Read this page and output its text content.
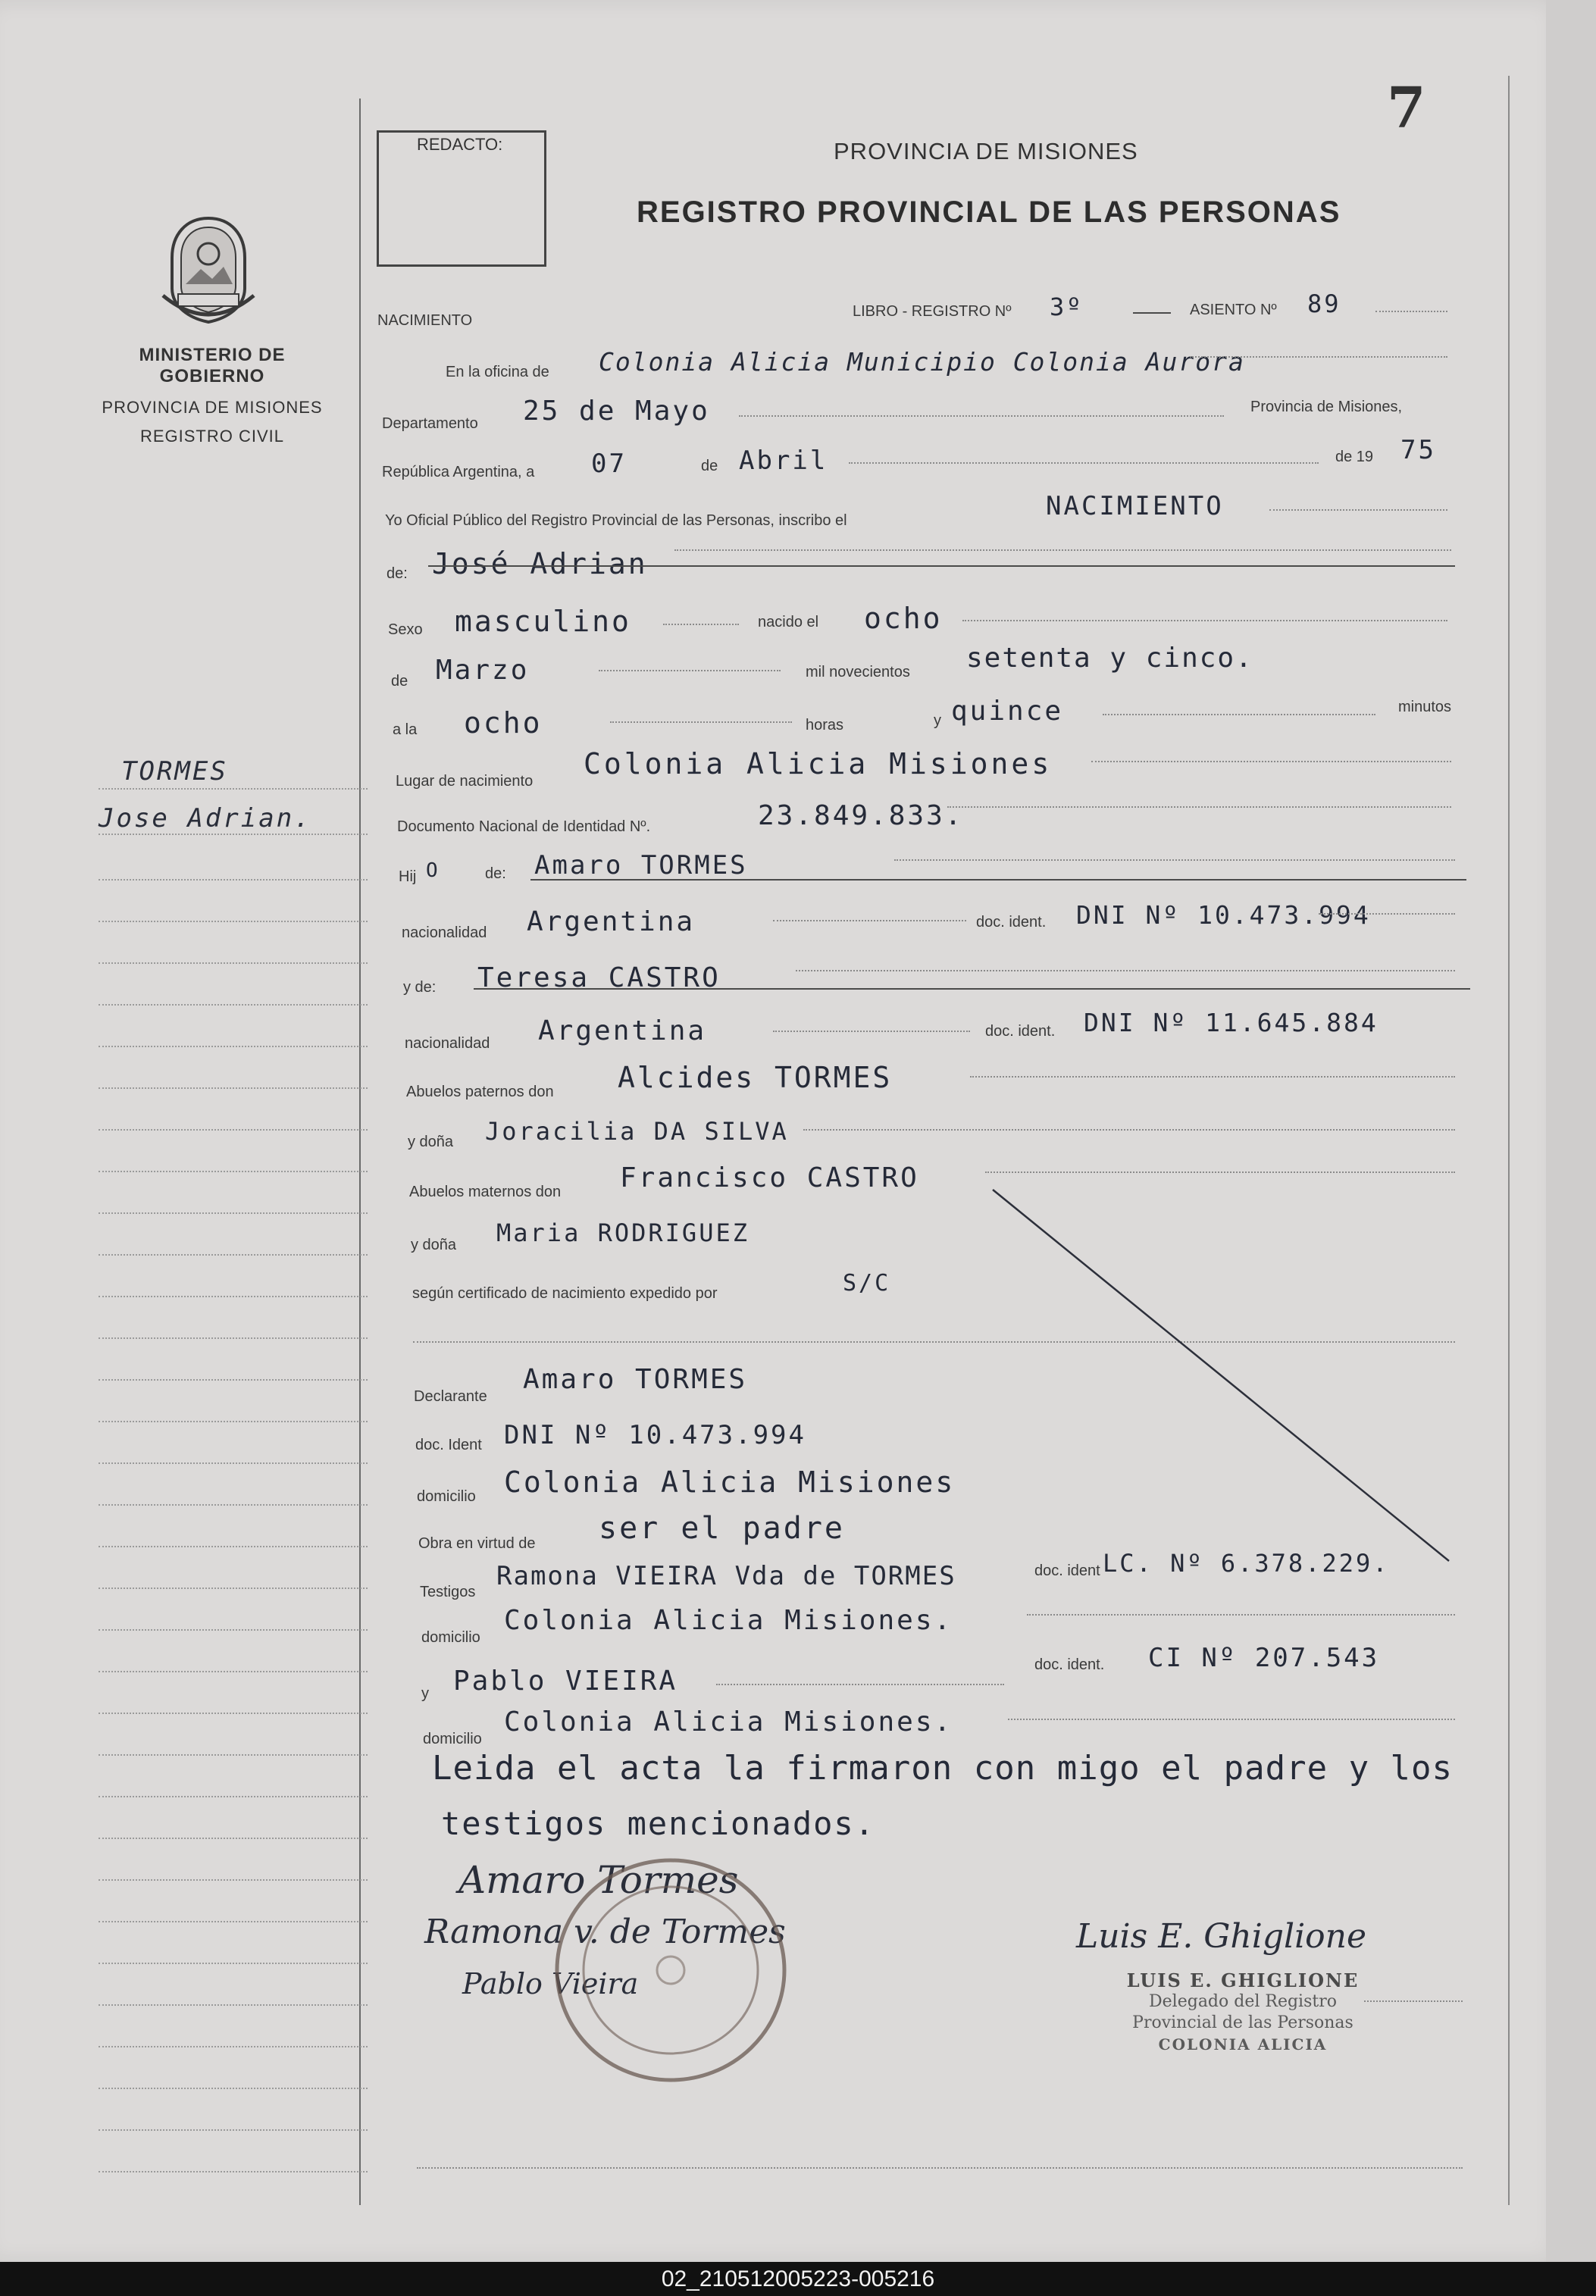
7
REDACTO:	PROVINCIA DE MISIONES
REGISTRO PROVINCIAL DE LAS PERSONAS
MINISTERIO DE GOBIERNO
PROVINCIA DE MISIONES
REGISTRO CIVIL
TORMES
Jose Adrian.
NACIMIENTO
LIBRO - REGISTRO Nº 3º	ASIENTO Nº 89
En la oficina de Colonia Alicia Municipio Colonia Aurora
Departamento 25 de Mayo	Provincia de Misiones,
República Argentina, a 07	de Abril	de 19 75
Yo Oficial Público del Registro Provincial de las Personas, inscribo el	NACIMIENTO
de: José Adrian
Sexo masculino	nacido el ocho
de Marzo	mil novecientos setenta y cinco.
a la ocho	horas	y quince	minutos
Lugar de nacimiento
Colonia Alicia Misiones
Documento Nacional de Identidad Nº.	23.849.833.
Hij O	de: Amaro TORMES
nacionalidad Argentina	doc. ident. DNI Nº 10.473.994
y de: Teresa CASTRO
nacionalidad Argentina	doc. ident. DNI Nº 11.645.884
Abuelos paternos don Alcides TORMES
y doña Joracilia DA SILVA
Abuelos maternos don Francisco CASTRO
y doña Maria RODRIGUEZ
según certificado de nacimiento expedido por	S/C
Declarante
Amaro TORMES
doc. Ident DNI Nº 10.473.994
domicilio Colonia Alicia Misiones
Obra en virtud de ser el padre
Testigos
Ramona VIEIRA Vda de TORMES	doc. ident LC. Nº 6.378.229.
domicilio
Colonia Alicia Misiones.
y Pablo VIEIRA
doc. ident. CI Nº 207.543
domicilio
Colonia Alicia Misiones.
Leida el acta la firmaron con migo el padre y los
testigos mencionados.
Amaro Tormes
Ramona v. de Tormes
Pablo Vieira
Luis E. Ghiglione
LUIS E. GHIGLIONE
Delegado del Registro
Provincial de las Personas
COLONIA ALICIA
02_210512005223-005216
